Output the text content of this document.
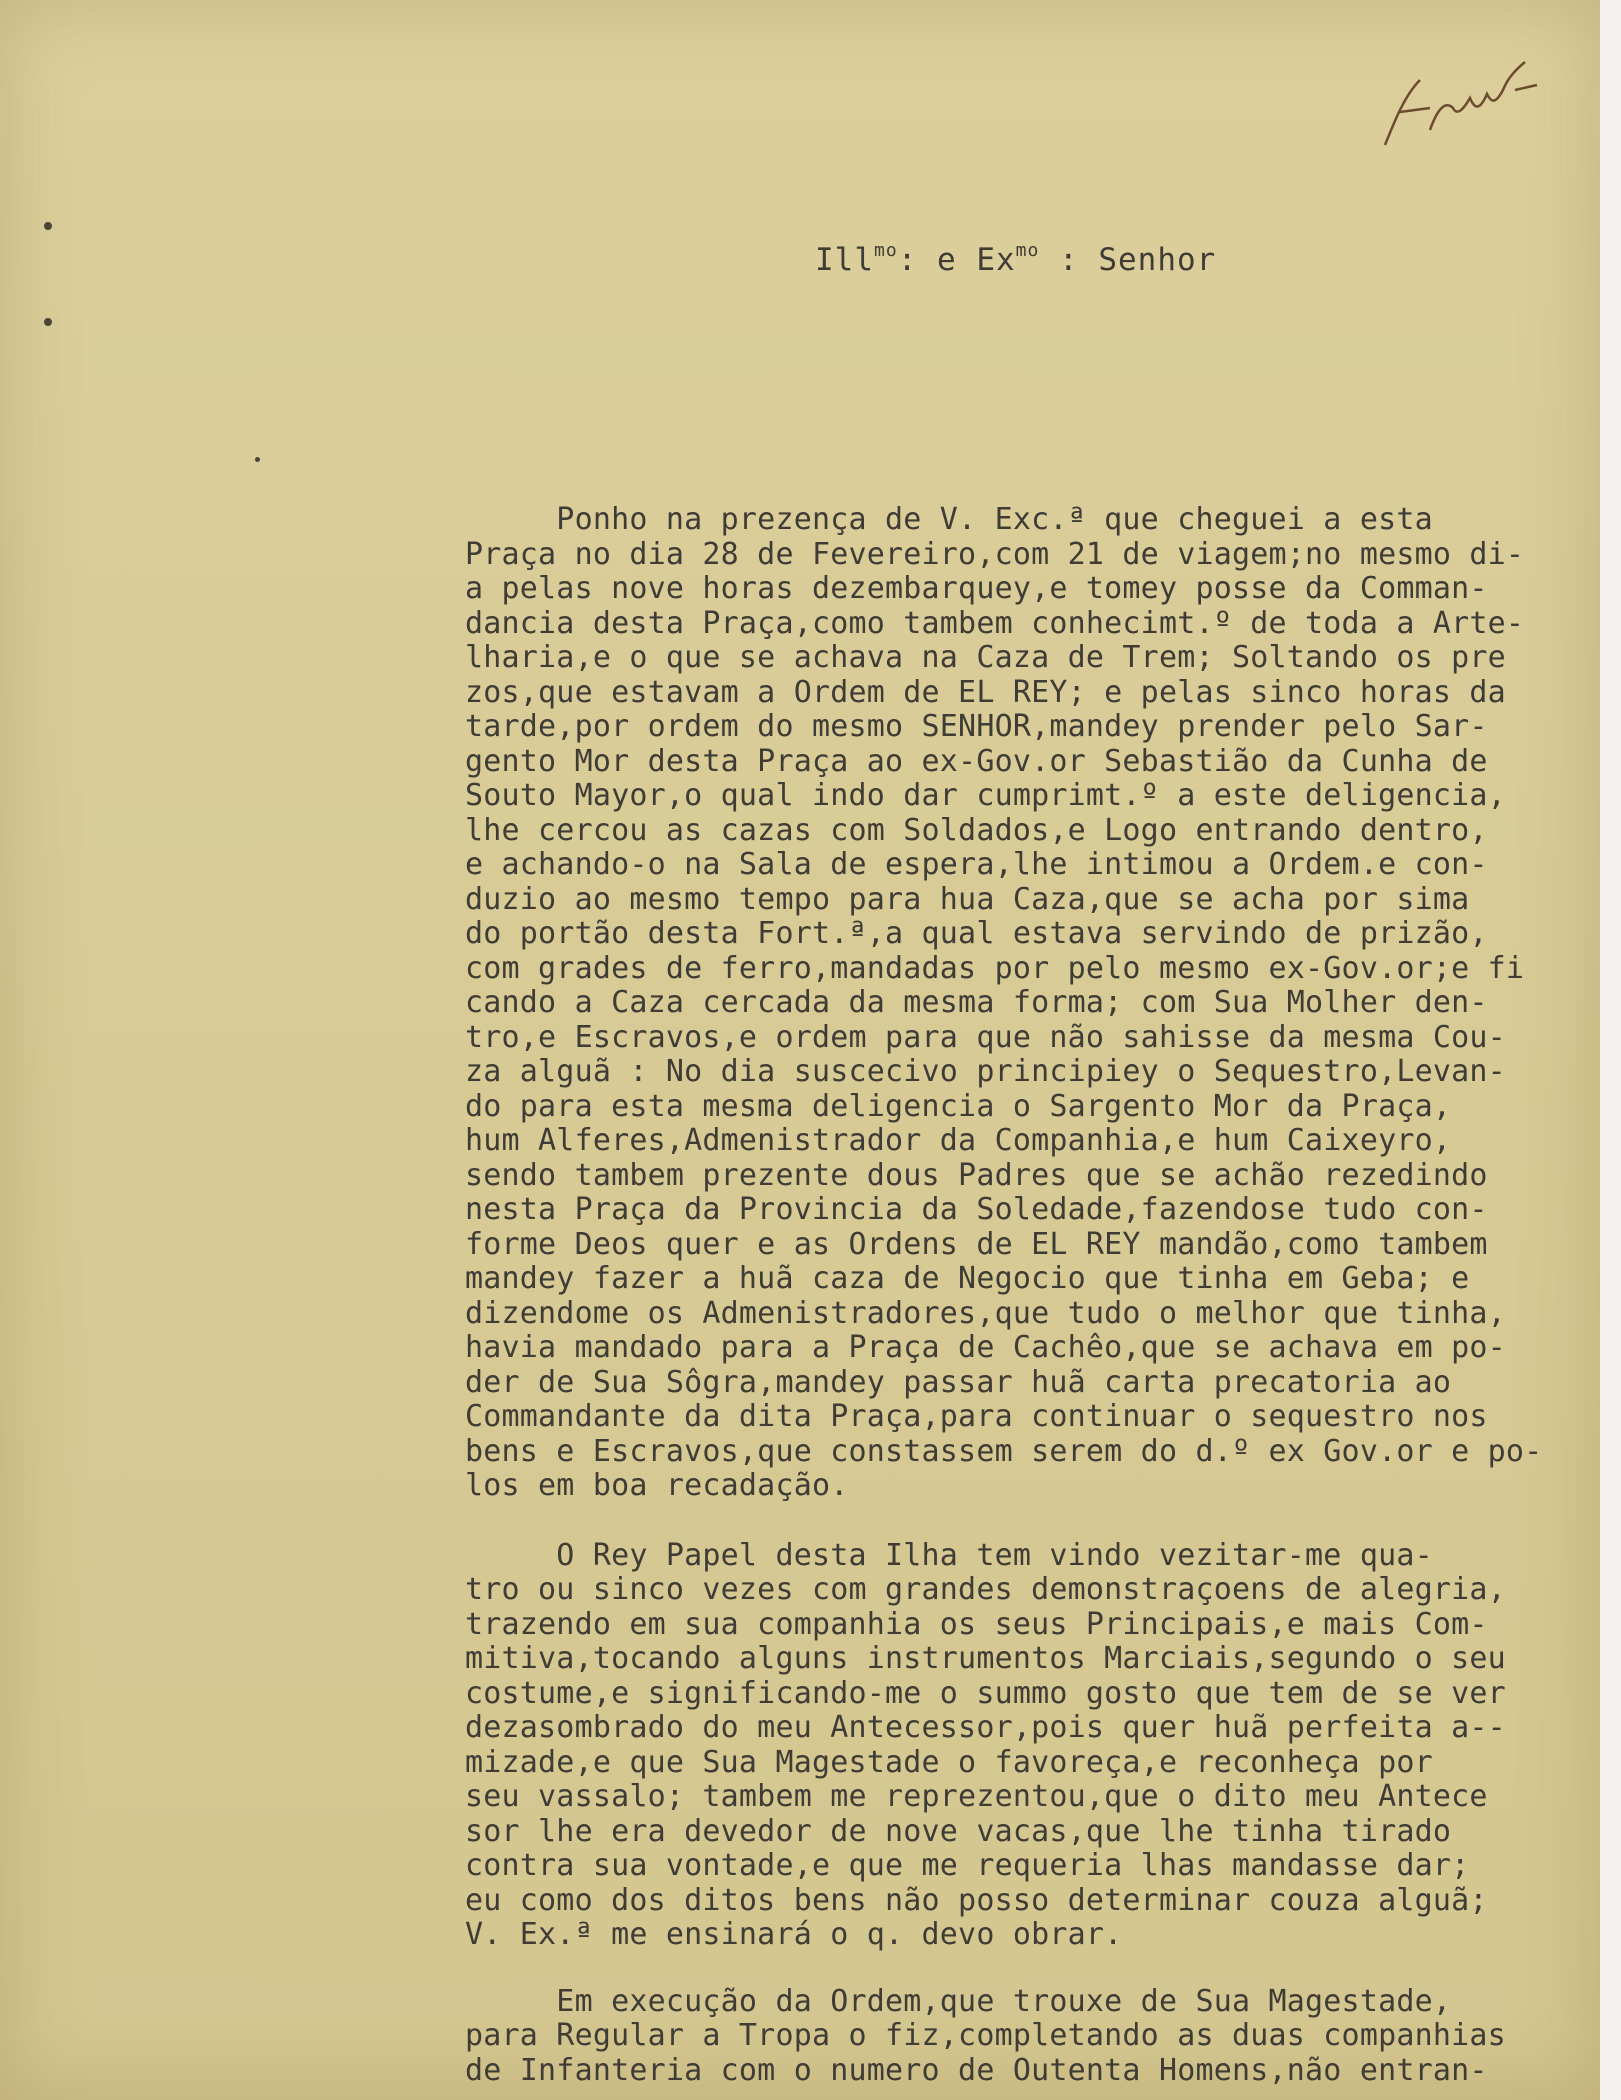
Ill$^{mo}$: e $Ex^{mo}$ : Senhor
Ponho na prezença de V. Exc.ª que cheguei a esta
Praça no dia 28 de Fevereiro,com 21 de viagem;no mesmo di-
a pelas nove horas dezembarquey,e tomey posse da Comman-
dancia desta Praça,como tambem conhecimt.º de toda a Arte-
lharia,e o que se achava na Caza de Trem; Soltando os pre
zos,que estavam a Ordem de EL REY; e pelas sinco horas da
tarde,por ordem do mesmo SENHOR,mandey prender pelo Sar-
gento Mor desta Praça ao ex-Gov.or Sebastião da Cunha de
Souto Mayor,o qual indo dar cumprimt.º a este deligencia,
lhe cercou as cazas com Soldados,e Logo entrando dentro,
e achando-o na Sala de espera,lhe intimou a Ordem.e con-
duzio ao mesmo tempo para hua Caza,que se acha por sima
do portão desta Fort.ª,a qual estava servindo de prizão,
com grades de ferro,mandadas por pelo mesmo ex-Gov.or;e fi
cando a Caza cercada da mesma forma; com Sua Molher den-
tro,e Escravos,e ordem para que não sahisse da mesma Cou-
za alguã : No dia suscecivo principiey o Sequestro,Levan-
do para esta mesma deligencia o Sargento Mor da Praça,
hum Alferes,Admenistrador da Companhia,e hum Caixeyro,
sendo tambem prezente dous Padres que se achão rezedindo
nesta Praça da Provincia da Soledade,fazendose tudo con-
forme Deos quer e as Ordens de EL REY mandão,como tambem
mandey fazer a huã caza de Negocio que tinha em Geba; e
dizendome os Admenistradores,que tudo o melhor que tinha,
havia mandado para a Praça de Cachêo,que se achava em po-
der de Sua Sôgra,mandey passar huã carta precatoria ao
Commandante da dita Praça,para continuar o sequestro nos
bens e Escravos,que constassem serem do d.º ex Gov.or e po-
los em boa recadação.
O Rey Papel desta Ilha tem vindo vezitar-me qua-
tro ou sinco vezes com grandes demonstraçoens de alegria,
trazendo em sua companhia os seus Principais,e mais Com-
mitiva,tocando alguns instrumentos Marciais,segundo o seu
costume,e significando-me o summo gosto que tem de se ver
dezasombrado do meu Antecessor,pois quer huã perfeita a--
mizade,e que Sua Magestade o favoreça,e reconheça por
seu vassalo; tambem me reprezentou,que o dito meu Antece
sor lhe era devedor de nove vacas,que lhe tinha tirado
contra sua vontade,e que me requeria lhas mandasse dar;
eu como dos ditos bens não posso determinar couza alguã;
V. Ex.ª me ensinará o q. devo obrar.
Em execução da Ordem,que trouxe de Sua Magestade,
para Regular a Tropa o fiz,completando as duas companhias
de Infanteria com o numero de Outenta Homens,não entran-
